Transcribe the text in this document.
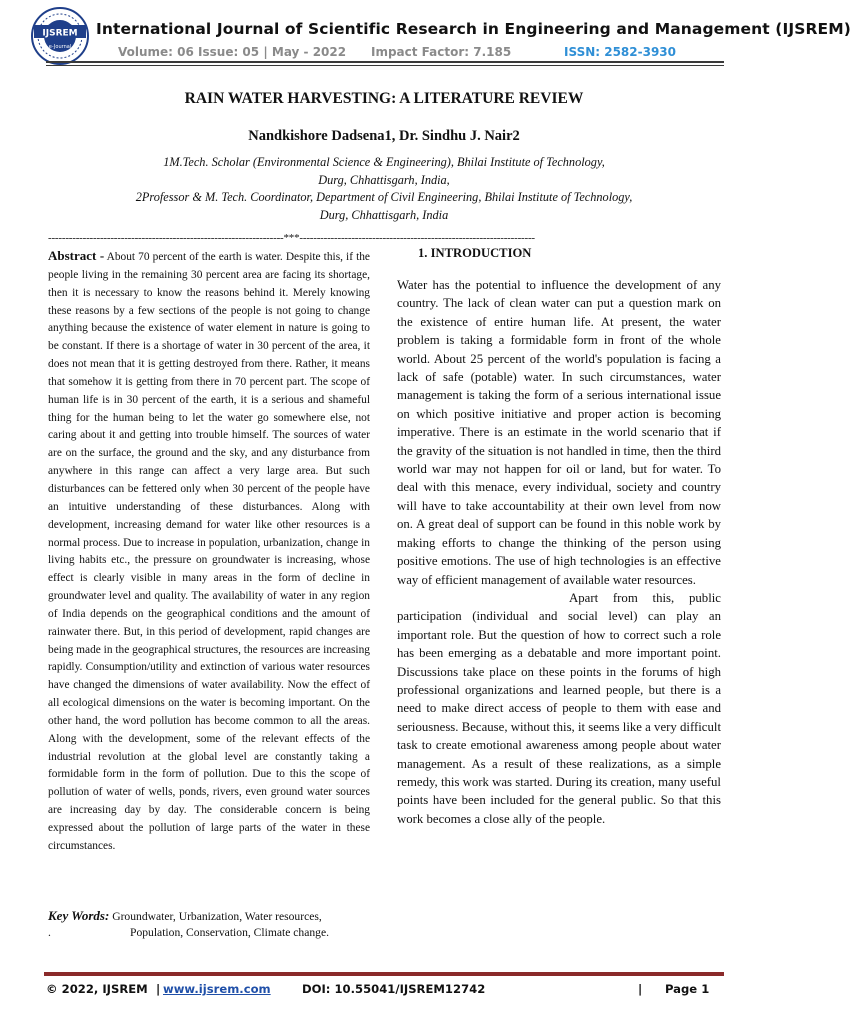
IJSREM
e-Journal
International Journal of Scientific Research in Engineering and Management (IJSREM)
Volume: 06 Issue: 05 | May - 2022 Impact Factor: 7.185	ISSN: 2582-3930
RAIN WATER HARVESTING: A LITERATURE REVIEW
Nandkishore Dadsena1, Dr. Sindhu J. Nair2
1M.Tech. Scholar (Environmental Science & Engineering), Bhilai Institute of Technology,
Durg, Chhattisgarh, India,
2Professor & M. Tech. Coordinator, Department of Civil Engineering, Bhilai Institute of Technology,
Durg, Chhattisgarh, India
--------------------------------------------------------------------***--------------------------------------------------------------------
Abstract - About 70 percent of the earth is water. Despite this, if the people living in the remaining 30 percent area are facing its shortage, then it is necessary to know the reasons behind it. Merely knowing these reasons by a few sections of the people is not going to change anything because the existence of water element in nature is going to be constant. If there is a shortage of water in 30 percent of the area, it does not mean that it is getting destroyed from there. Rather, it means that somehow it is getting from there in 70 percent part. The scope of human life is in 30 percent of the earth, it is a serious and shameful thing for the human being to let the water go somewhere else, not caring about it and getting into trouble himself. The sources of water are on the surface, the ground and the sky, and any disturbance from anywhere in this range can affect a very large area. But such disturbances can be fettered only when 30 percent of the people have an intuitive understanding of these disturbances. Along with development, increasing demand for water like other resources is a normal process. Due to increase in population, urbanization, change in living habits etc., the pressure on groundwater is increasing, whose effect is clearly visible in many areas in the form of decline in groundwater level and quality. The availability of water in any region of India depends on the geographical conditions and the amount of rainwater there. But, in this period of development, rapid changes are being made in the geographical structures, the resources are increasing rapidly. Consumption/utility and extinction of various water resources have changed the dimensions of water availability. Now the effect of all ecological dimensions on the water is becoming important. On the other hand, the word pollution has become common to all the areas. Along with the development, some of the relevant effects of the industrial revolution at the global level are constantly taking a formidable form in the form of pollution. Due to this the scope of pollution of water of wells, ponds, rivers, even ground water sources are increasing day by day. The considerable concern is being expressed about the pollution of large parts of the water in these circumstances.
Key Words: Groundwater, Urbanization, Water resources,
.	Population, Conservation, Climate change.
1. INTRODUCTION
Water has the potential to influence the development of any country. The lack of clean water can put a question mark on the existence of entire human life. At present, the water problem is taking a formidable form in front of the whole world. About 25 percent of the world's population is facing a lack of safe (potable) water. In such circumstances, water management is taking the form of a serious international issue on which positive initiative and proper action is becoming imperative. There is an estimate in the world scenario that if the gravity of the situation is not handled in time, then the third world war may not happen for oil or land, but for water. To deal with this menace, every individual, society and country will have to take accountability at their own level from now on. A great deal of support can be found in this noble work by making efforts to change the thinking of the person using positive emotions. The use of high technologies is an effective way of efficient management of available water resources.
Apart from this, public participation (individual and social level) can play an important role. But the question of how to correct such a role has been emerging as a debatable and more important point. Discussions take place on these points in the forums of high professional organizations and learned people, but there is a need to make direct access of people to them with ease and seriousness. Because, without this, it seems like a very difficult task to create emotional awareness among people about water management. As a result of these realizations, as a simple remedy, this work was started. During its creation, many useful points have been included for the general public. So that this work becomes a close ally of the people.
© 2022, IJSREM | www.ijsrem.com	DOI: 10.55041/IJSREM12742	| Page 1
